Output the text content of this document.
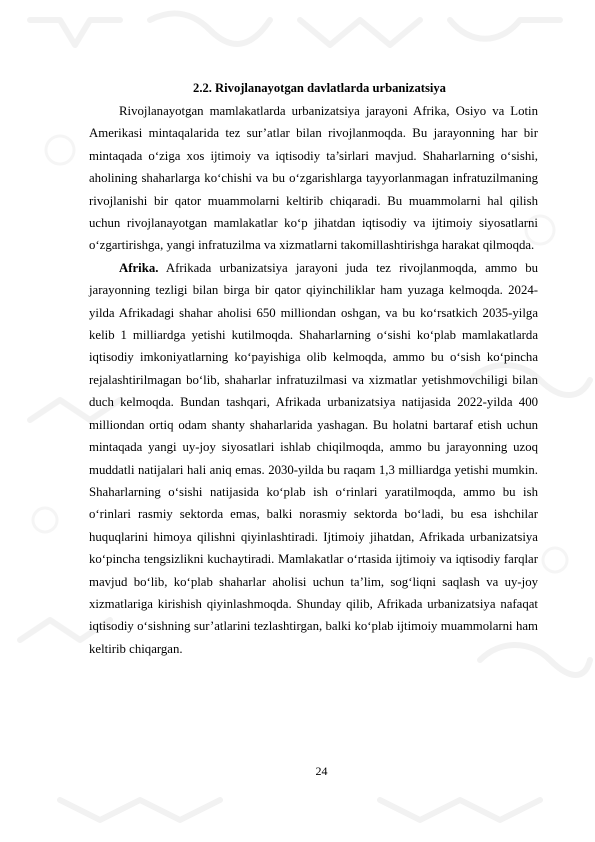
2.2. Rivojlanayotgan davlatlarda urbanizatsiya

Rivojlanayotgan mamlakatlarda urbanizatsiya jarayoni Afrika, Osiyo va Lotin Amerikasi mintaqalarida tez sur’atlar bilan rivojlanmoqda. Bu jarayonning har bir mintaqada o‘ziga xos ijtimoiy va iqtisodiy ta’sirlari mavjud. Shaharlarning o‘sishi, aholining shaharlarga ko‘chishi va bu o‘zgarishlarga tayyorlanmagan infratuzilmaning rivojlanishi bir qator muammolarni keltirib chiqaradi. Bu muammolarni hal qilish uchun rivojlanayotgan mamlakatlar ko‘p jihatdan iqtisodiy va ijtimoiy siyosatlarni o‘zgartirishga, yangi infratuzilma va xizmatlarni takomillashtirishga harakat qilmoqda.

Afrika. Afrikada urbanizatsiya jarayoni juda tez rivojlanmoqda, ammo bu jarayonning tezligi bilan birga bir qator qiyinchiliklar ham yuzaga kelmoqda. 2024-yilda Afrikadagi shahar aholisi 650 milliondan oshgan, va bu ko‘rsatkich 2035-yilga kelib 1 milliardga yetishi kutilmoqda. Shaharlarning o‘sishi ko‘plab mamlakatlarda iqtisodiy imkoniyatlarning ko‘payishiga olib kelmoqda, ammo bu o‘sish ko‘pincha rejalashtirilmagan bo‘lib, shaharlar infratuzilmasi va xizmatlar yetishmovchiligi bilan duch kelmoqda. Bundan tashqari, Afrikada urbanizatsiya natijasida 2022-yilda 400 milliondan ortiq odam shanty shaharlarida yashagan. Bu holatni bartaraf etish uchun mintaqada yangi uy-joy siyosatlari ishlab chiqilmoqda, ammo bu jarayonning uzoq muddatli natijalari hali aniq emas. 2030-yilda bu raqam 1,3 milliardga yetishi mumkin. Shaharlarning o‘sishi natijasida ko‘plab ish o‘rinlari yaratilmoqda, ammo bu ish o‘rinlari rasmiy sektorda emas, balki norasmiy sektorda bo‘ladi, bu esa ishchilar huquqlarini himoya qilishni qiyinlashtiradi. Ijtimoiy jihatdan, Afrikada urbanizatsiya ko‘pincha tengsizlikni kuchaytiradi. Mamlakatlar o‘rtasida ijtimoiy va iqtisodiy farqlar mavjud bo‘lib, ko‘plab shaharlar aholisi uchun ta’lim, sog‘liqni saqlash va uy-joy xizmatlariga kirishish qiyinlashmoqda. Shunday qilib, Afrikada urbanizatsiya nafaqat iqtisodiy o‘sishning sur’atlarini tezlashtirgan, balki ko‘plab ijtimoiy muammolarni ham keltirib chiqargan.

24
